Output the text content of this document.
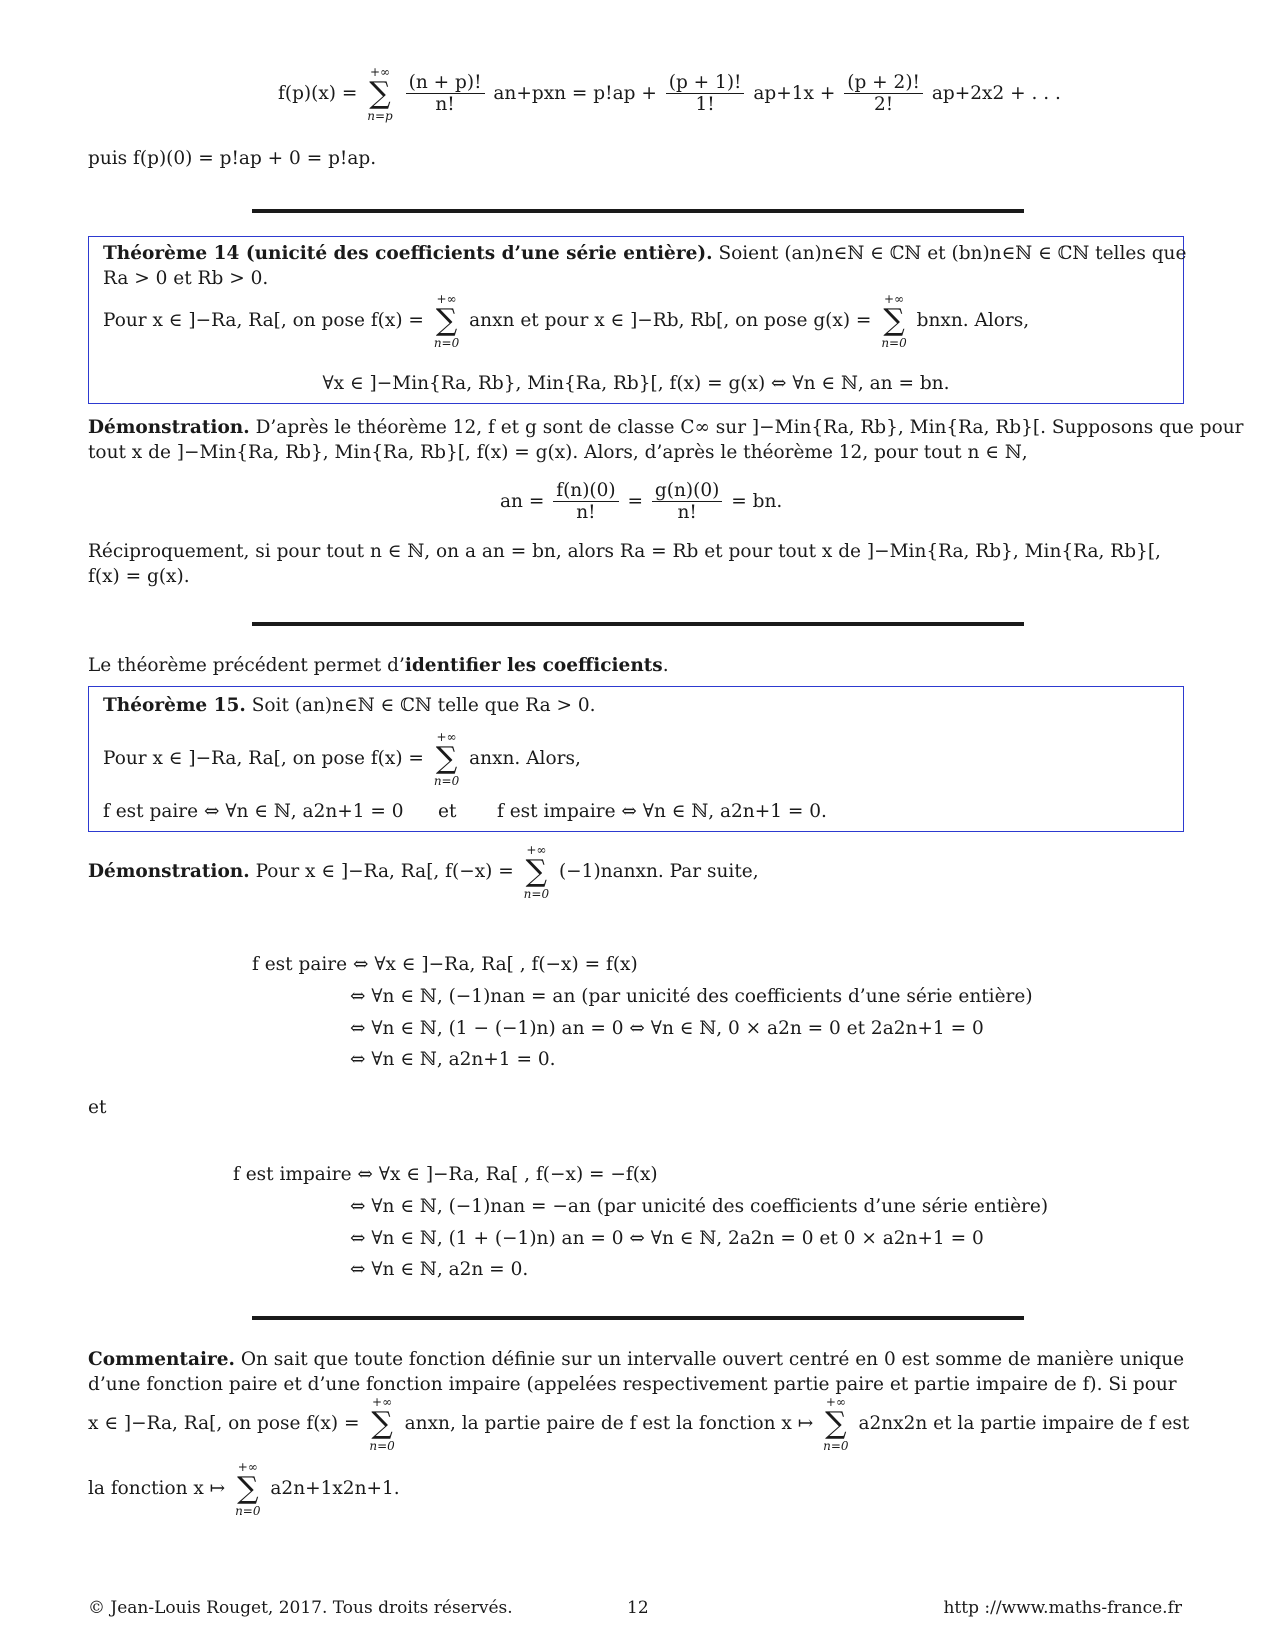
f(p)(x) =
+∞
∑
n=p
$\frac{(n + p)!}{n!} an+pxn = p!ap + \frac{(p + 1)!}{1!} ap+1x + \frac{(p + 2)!}{2!} ap+2x2$ + . . .
puis f(p)(0) = p!ap + 0 = p!ap.
Théorème 14 (unicité des coefficients d’une série entière). Soient (an)n∈ℕ ∈ ℂℕ et (bn)n∈ℕ ∈ ℂℕ telles que
Ra > 0 et Rb > 0.
Pour x ∈ ]−Ra, Ra[, on pose f(x) =
+∞
∑
n=0
anxn et pour x ∈ ]−Rb, Rb[, on pose g(x) =
+∞
∑
n=0
bnxn. Alors,
∀x ∈ ]−Min{Ra, Rb}, Min{Ra, Rb}[, f(x) = g(x) ⇔ ∀n ∈ ℕ, an = bn.
Démonstration. D’après le théorème 12, f et g sont de classe C∞ sur ]−Min{Ra, Rb}, Min{Ra, Rb}[. Supposons que pour
tout x de ]−Min{Ra, Rb}, Min{Ra, Rb}[, f(x) = g(x). Alors, d’après le théorème 12, pour tout n ∈ ℕ,
an = $\frac{f(n)(0)}{n!} = \frac{g(n)(0)}{n!}$ = bn.
Réciproquement, si pour tout n ∈ ℕ, on a an = bn, alors Ra = Rb et pour tout x de ]−Min{Ra, Rb}, Min{Ra, Rb}[,
f(x) = g(x).
Le théorème précédent permet d’identifier les coefficients.
Théorème 15. Soit (an)n∈ℕ ∈ ℂℕ telle que Ra > 0.
Pour x ∈ ]−Ra, Ra[, on pose f(x) =
+∞
∑
n=0
anxn. Alors,
f est paire ⇔ ∀n ∈ ℕ, a2n+1 = 0 et f est impaire ⇔ ∀n ∈ ℕ, a2n+1 = 0.
Démonstration. Pour x ∈ ]−Ra, Ra[, f(−x) =
+∞
∑
n=0
(−1)nanxn. Par suite,
f est paire ⇔ ∀x ∈ ]−Ra, Ra[ , f(−x) = f(x)
⇔ ∀n ∈ ℕ, (−1)nan = an (par unicité des coefficients d’une série entière)
⇔ ∀n ∈ ℕ, (1 − (−1)n) an = 0 ⇔ ∀n ∈ ℕ, 0 × a2n = 0 et 2a2n+1 = 0
⇔ ∀n ∈ ℕ, a2n+1 = 0.
et
f est impaire ⇔ ∀x ∈ ]−Ra, Ra[ , f(−x) = −f(x)
⇔ ∀n ∈ ℕ, (−1)nan = −an (par unicité des coefficients d’une série entière)
⇔ ∀n ∈ ℕ, (1 + (−1)n) an = 0 ⇔ ∀n ∈ ℕ, 2a2n = 0 et 0 × a2n+1 = 0
⇔ ∀n ∈ ℕ, a2n = 0.
Commentaire. On sait que toute fonction définie sur un intervalle ouvert centré en 0 est somme de manière unique
d’une fonction paire et d’une fonction impaire (appelées respectivement partie paire et partie impaire de f). Si pour
x ∈ ]−Ra, Ra[, on pose f(x) =
+∞
∑
n=0
anxn, la partie paire de f est la fonction x ↦
+∞
∑
n=0
a2nx2n et la partie impaire de f est
la fonction x ↦
+∞
∑
n=0
a2n+1x2n+1.
© Jean-Louis Rouget, 2017. Tous droits réservés.	12	http ://www.maths-france.fr
